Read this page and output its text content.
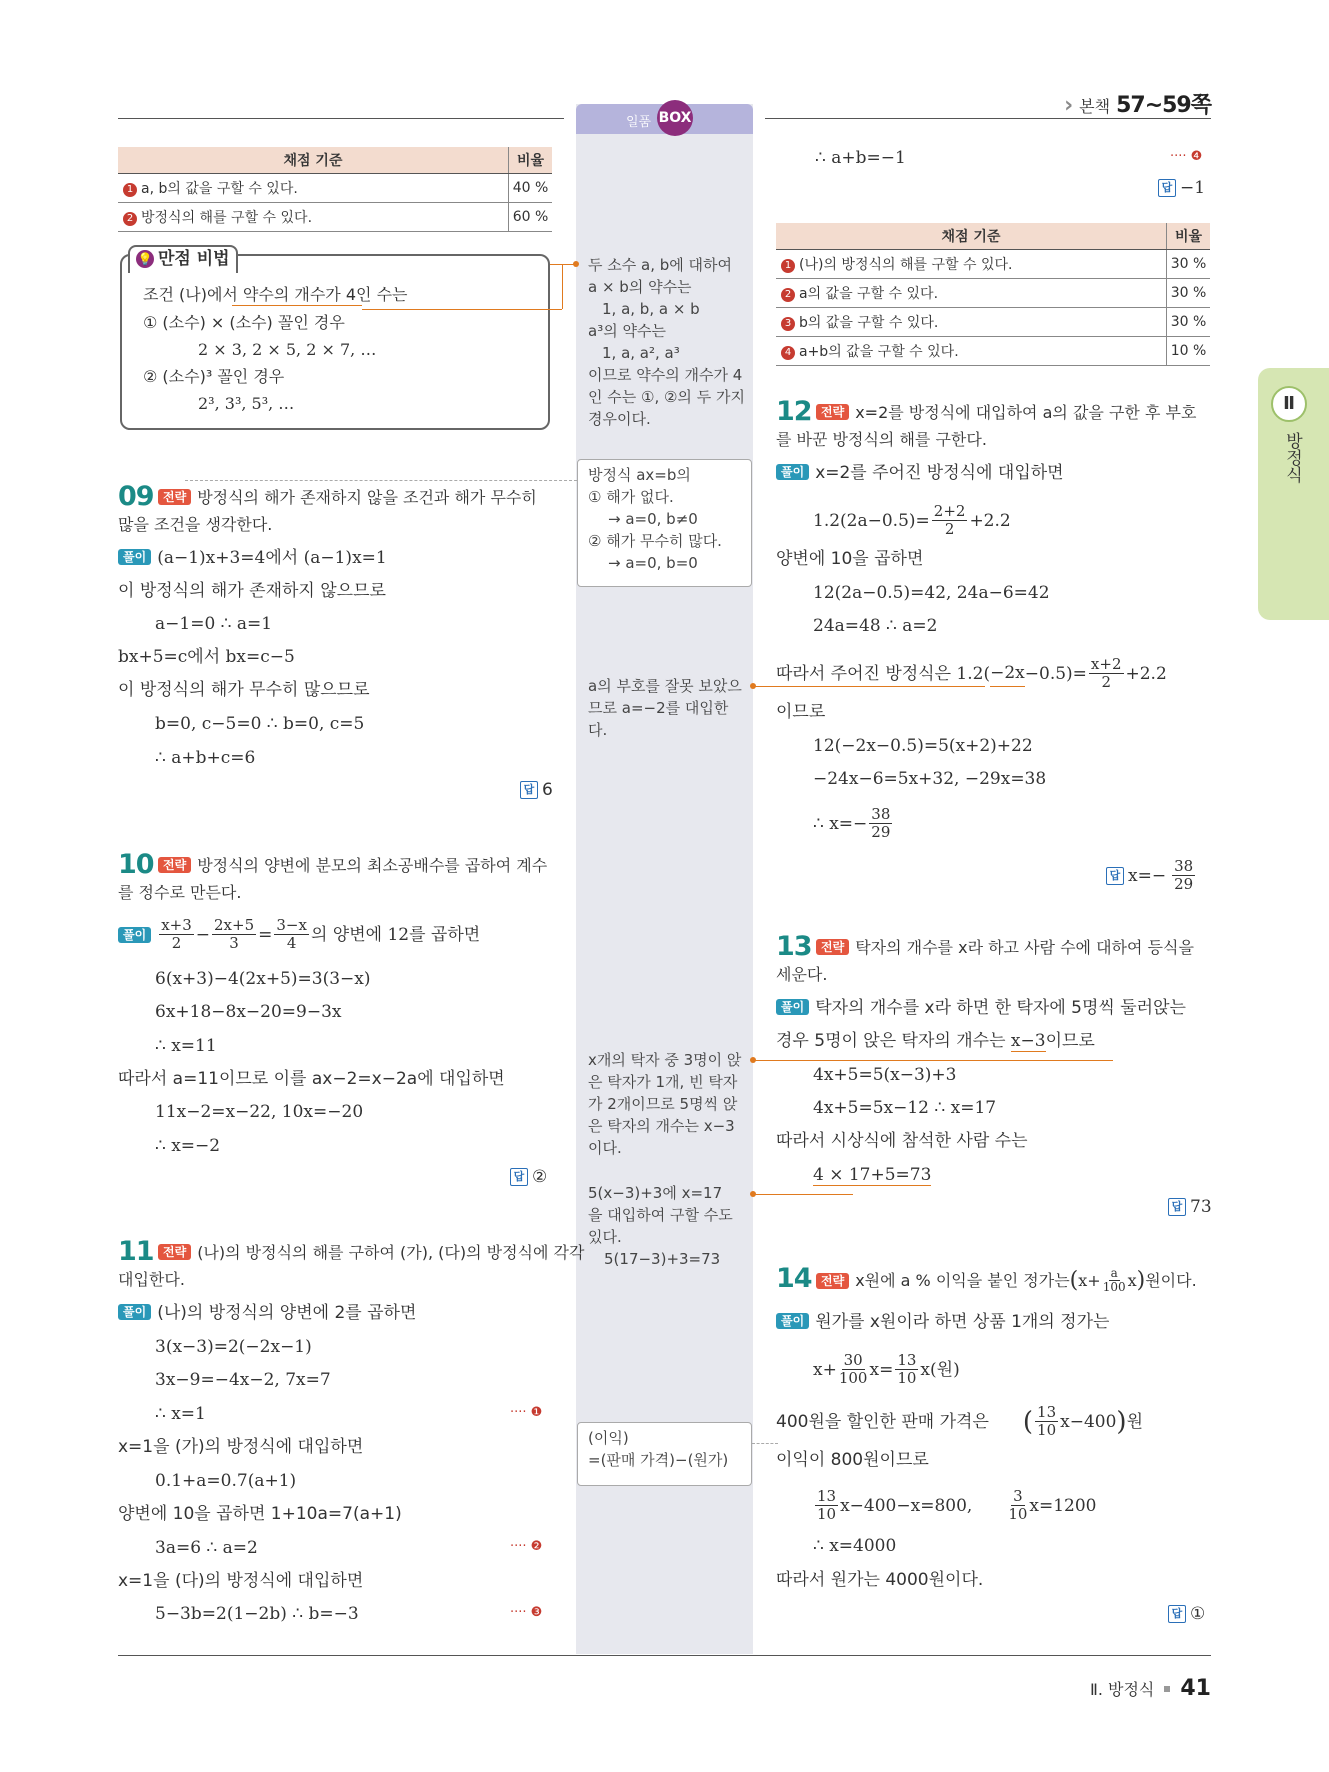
› 본책 57~59쪽
일품 BOX
채점 기준	비율
1 a, b의 값을 구할 수 있다.	40 %
2 방정식의 해를 구할 수 있다.	60 %
💡 만점 비법
조건 (나)에서 약수의 개수가 4인 수는
① (소수) × (소수) 꼴인 경우
2 × 3, 2 × 5, 2 × 7, …
② (소수)³ 꼴인 경우
2³, 3³, 5³, …
두 소수 a, b에 대하여
a × b의 약수는
1, a, b, a × b
a³의 약수는
1, a, a², a³
이므로 약수의 개수가 4
인 수는 ①, ②의 두 가지
경우이다.
방정식 ax=b의
① 해가 없다.
→ a=0, b≠0
② 해가 무수히 많다.
→ a=0, b=0
a의 부호를 잘못 보았으
므로 a=−2를 대입한
다.
x개의 탁자 중 3명이 앉
은 탁자가 1개, 빈 탁자
가 2개이므로 5명씩 앉
은 탁자의 개수는 x−3
이다.
5(x−3)+3에 x=17
을 대입하여 구할 수도
있다.
5(17−3)+3=73
(이익)
=(판매 가격)−(원가)
09 전략 방정식의 해가 존재하지 않을 조건과 해가 무수히
많을 조건을 생각한다.
풀이 (a−1)x+3=4에서 (a−1)x=1
이 방정식의 해가 존재하지 않으므로
a−1=0 ∴ a=1
bx+5=c에서 bx=c−5
이 방정식의 해가 무수히 많으므로
b=0, c−5=0 ∴ b=0, c=5
∴ a+b+c=6
답 6
10 전략 방정식의 양변에 분모의 최소공배수를 곱하여 계수
를 정수로 만든다.
풀이 $\frac{x+3}{2} - \frac{2x+5}{3} = \frac{3-x}{4}$ 의 양변에 12를 곱하면
6(x+3)−4(2x+5)=3(3−x)
6x+18−8x−20=9−3x
∴ x=11
따라서 a=11이므로 이를 ax−2=x−2a에 대입하면
11x−2=x−22, 10x=−20
∴ x=−2
답 ②
11 전략 (나)의 방정식의 해를 구하여 (가), (다)의 방정식에 각각
대입한다.
풀이 (나)의 방정식의 양변에 2를 곱하면
3(x−3)=2(−2x−1)
3x−9=−4x−2, 7x=7
∴ x=1	···· ❶
x=1을 (가)의 방정식에 대입하면
0.1+a=0.7(a+1)
양변에 10을 곱하면 1+10a=7(a+1)
3a=6 ∴ a=2	···· ❷
x=1을 (다)의 방정식에 대입하면
5−3b=2(1−2b) ∴ b=−3	···· ❸
∴ a+b=−1	···· ❹
답 −1
채점 기준	비율
1 (나)의 방정식의 해를 구할 수 있다.	30 %
2 a의 값을 구할 수 있다.	30 %
3 b의 값을 구할 수 있다.	30 %
4 a+b의 값을 구할 수 있다.	10 %
12 전략 x=2를 방정식에 대입하여 a의 값을 구한 후 부호
를 바꾼 방정식의 해를 구한다.
풀이 x=2를 주어진 방정식에 대입하면
$1.2(2a-0.5)= \frac{2+2}{2} +2.2$
양변에 10을 곱하면
12(2a−0.5)=42, 24a−6=42
24a=48 ∴ a=2
따라서 주어진 방정식은 $1.2( -2x -0.5)= \frac{x+2}{2} +2.2$
이므로
12(−2x−0.5)=5(x+2)+22
−24x−6=5x+32, −29x=38
∴ $x=- \frac{38}{29}$
답 $x=- \frac{38}{29}$
13 전략 탁자의 개수를 x라 하고 사람 수에 대하여 등식을
세운다.
풀이 탁자의 개수를 x라 하면 한 탁자에 5명씩 둘러앉는
경우 5명이 앉은 탁자의 개수는 x−3이므로
4x+5=5(x−3)+3
4x+5=5x−12 ∴ x=17
따라서 시상식에 참석한 사람 수는
4 × 17+5=73
답 73
14 전략 x원에 a % 이익을 붙인 정가는 ( $x+ \frac{a}{100}$ x ) 원이다.
풀이 원가를 x원이라 하면 상품 1개의 정가는
$x+ \frac{30}{100} x= \frac{13}{10}$ x (원)
400원을 할인한 판매 가격은 ( $\frac{13}{10} x-400$ ) 원
이익이 800원이므로
$\frac{13}{10} x-400-x=800$, $\frac{3}{10} x=1200$
∴ x=4000
따라서 원가는 4000원이다.
답 ①
Ⅱ
방정식
Ⅱ. 방정식 41
